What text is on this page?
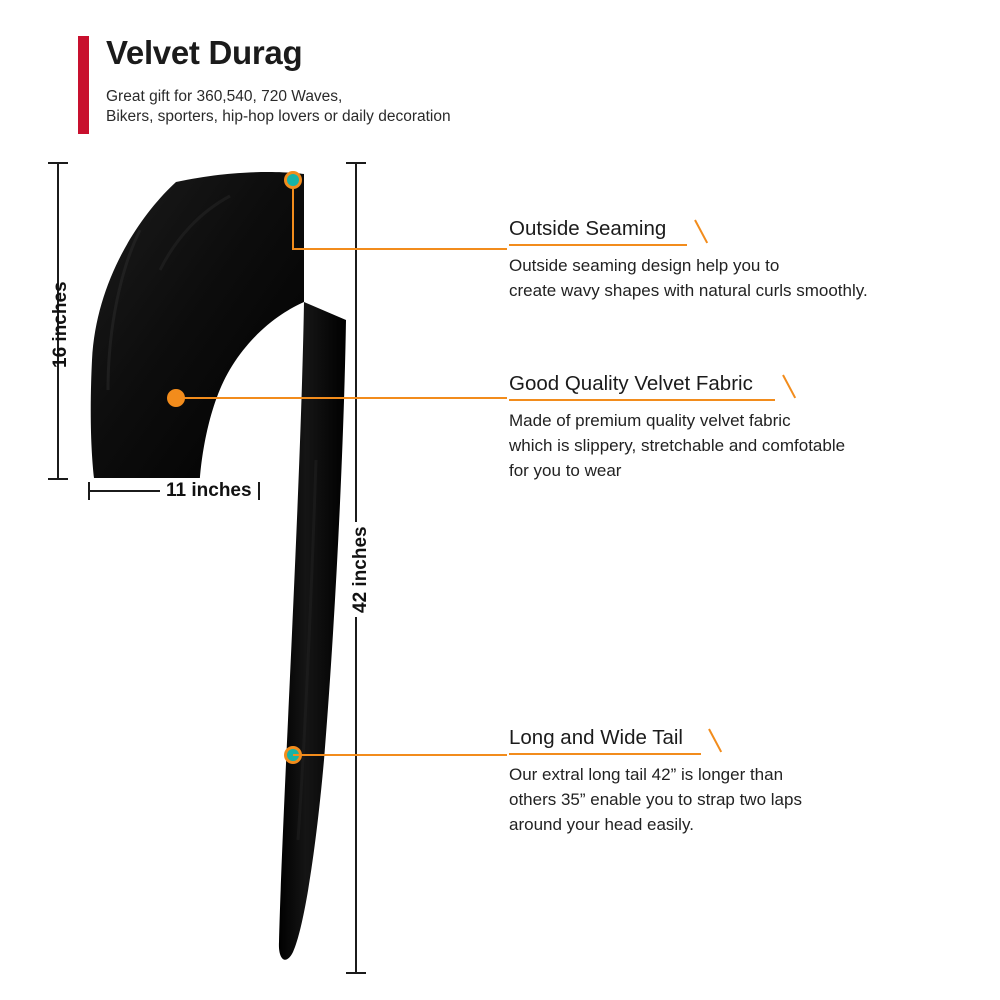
Velvet Durag
Great gift for 360,540, 720 Waves,
Bikers, sporters, hip-hop lovers or daily decoration
16 inches
11 inches
42 inches
Outside Seaming

Outside seaming design help you to
create wavy shapes with natural curls smoothly.

Good Quality Velvet Fabric

Made of premium quality velvet fabric
which is slippery, stretchable and comfotable
for you to wear

Long and Wide Tail

Our extral long tail 42” is longer than
others 35” enable you to strap two laps
around your head easily.
